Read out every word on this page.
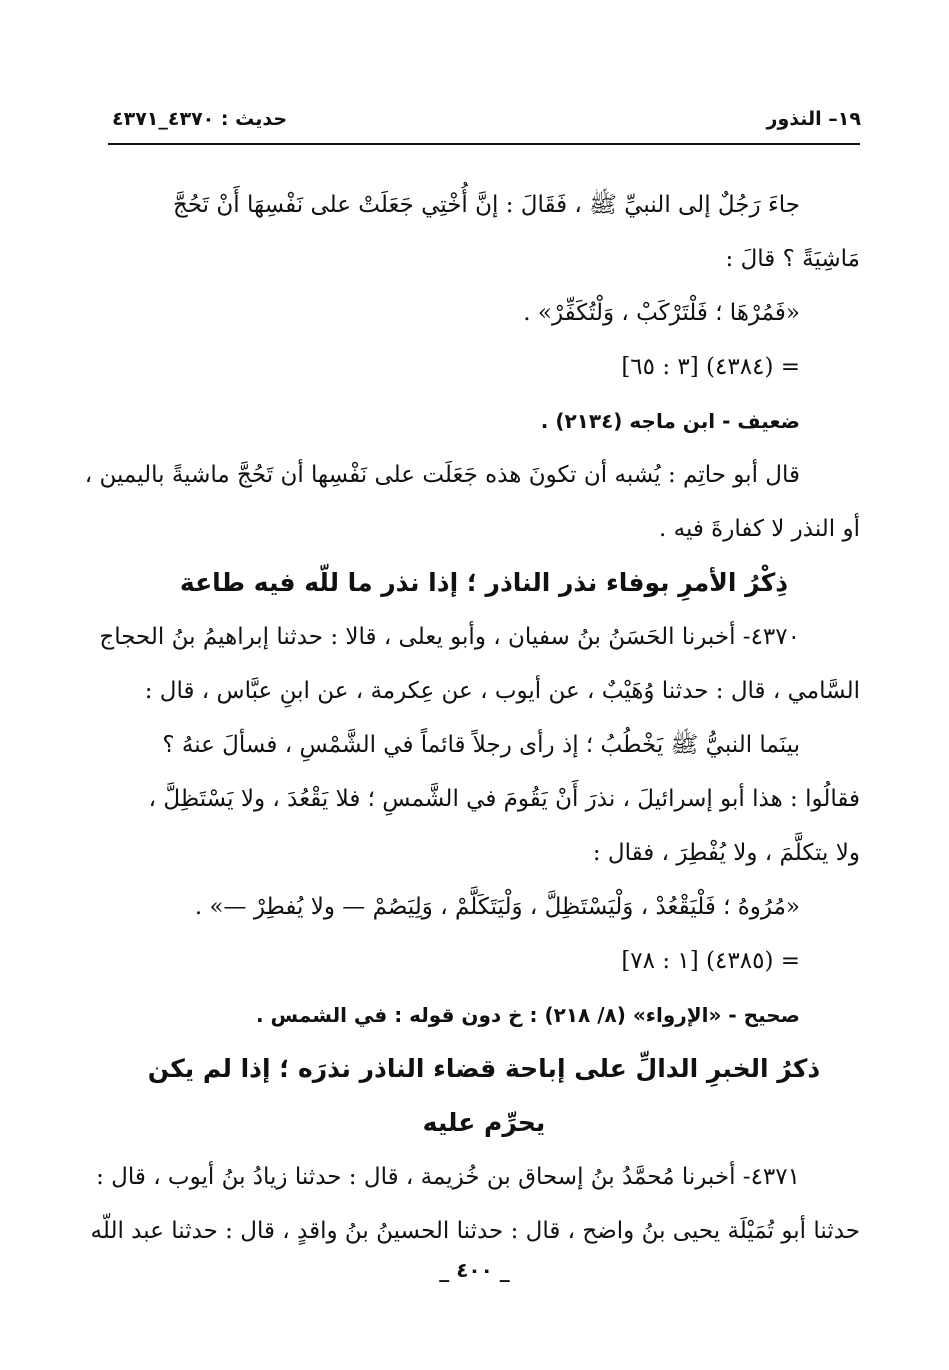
١٩– النذور
حديث : ٤٣٧٠_٤٣٧١
جاءَ رَجُلٌ إلى النبيِّ ﷺ ، فَقَالَ : إنَّ أُخْتِي جَعَلَتْ على نَفْسِهَا أَنْ تَحُجَّ
مَاشِيَةً ؟ قالَ :
«فَمُرْهَا ؛ فَلْتَرْكَبْ ، وَلْتُكَفِّرْ» .
= (٤٣٨٤) [٣ : ٦٥]
ضعيف - ابن ماجه (٢١٣٤) .
قال أبو حاتِم : يُشبه أن تكونَ هذه جَعَلَت على نَفْسِها أن تَحُجَّ ماشيةً باليمين ،
أو النذر لا كفارةَ فيه .
ذِكْرُ الأمرِ بوفاء نذر الناذر ؛ إذا نذر ما للّه فيه طاعة
٤٣٧٠- أخبرنا الحَسَنُ بنُ سفيان ، وأبو يعلى ، قالا : حدثنا إبراهيمُ بنُ الحجاج
السَّامي ، قال : حدثنا وُهَيْبٌ ، عن أيوب ، عن عِكرمة ، عن ابنِ عبَّاس ، قال :
بينَما النبيُّ ﷺ يَخْطُبُ ؛ إذ رأى رجلاً قائماً في الشَّمْسِ ، فسألَ عنهُ ؟
فقالُوا : هذا أبو إسرائيلَ ، نذرَ أَنْ يَقُومَ في الشَّمسِ ؛ فلا يَقْعُدَ ، ولا يَسْتَظِلَّ ،
ولا يتكلَّمَ ، ولا يُفْطِرَ ، فقال :
«مُرُوهُ ؛ فَلْيَقْعُدْ ، وَلْيَسْتَظِلَّ ، وَلْيَتَكَلَّمْ ، وَلِيَصُمْ — ولا يُفطِرْ —» .
= (٤٣٨٥) [١ : ٧٨]
صحيح - «الإرواء» (٨/ ٢١٨) : خ دون قوله : في الشمس .
ذكرُ الخبرِ الدالِّ على إباحة قضاء الناذر نذرَه ؛ إذا لم يكن
يحرِّم عليه
٤٣٧١- أخبرنا مُحمَّدُ بنُ إسحاق بن خُزيمة ، قال : حدثنا زيادُ بنُ أيوب ، قال :
حدثنا أبو تُمَيْلَة يحيى بنُ واضح ، قال : حدثنا الحسينُ بنُ واقدٍ ، قال : حدثنا عبد اللّه
_ ٤٠٠ _
